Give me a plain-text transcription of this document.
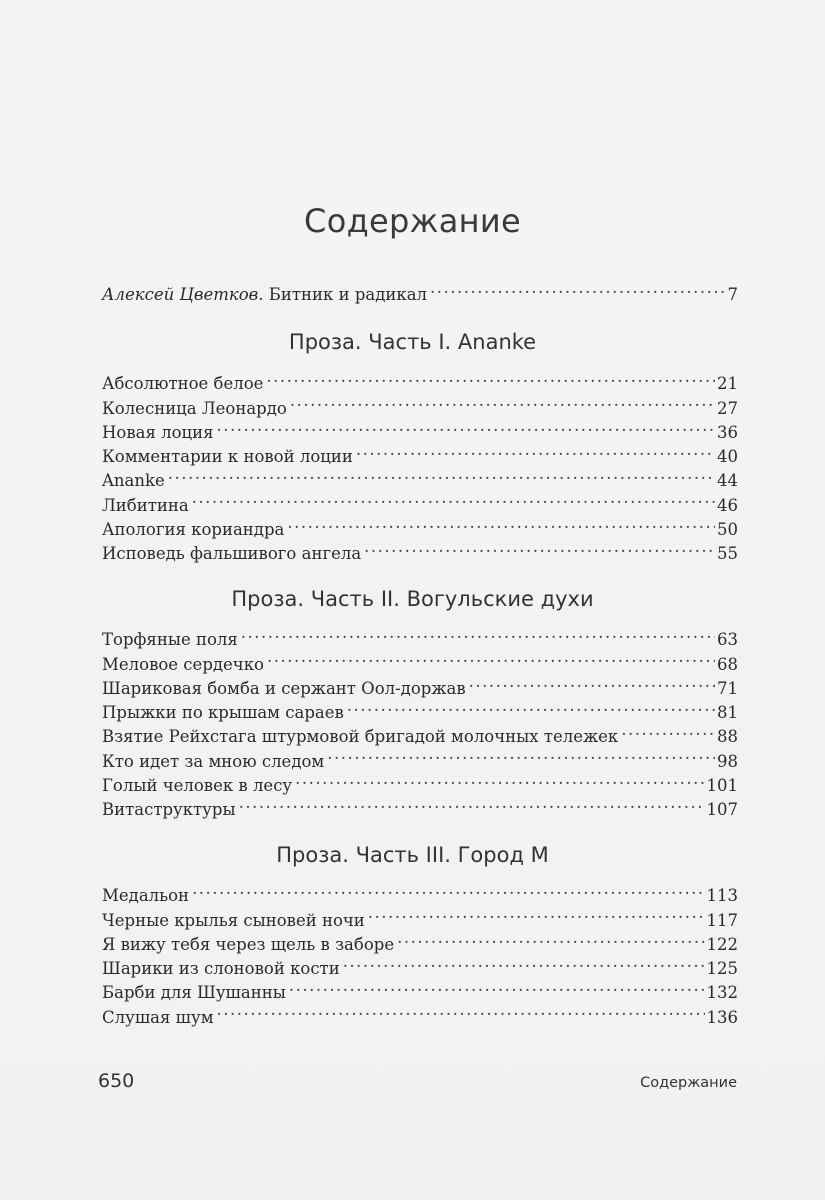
Содержание
Алексей Цветков. Битник и радикал .....	7
Проза. Часть I. Ananke
Абсолютное белое .....	21
Колесница Леонардо .....	27
Новая лоция .....	36
Комментарии к новой лоции .....	40
Ananke .....	44
Либитина .....	46
Апология кориандра .....	50
Исповедь фальшивого ангела .....	55
Проза. Часть II. Вогульские духи
Торфяные поля .....	63
Меловое сердечко .....	68
Шариковая бомба и сержант Оол-доржав .....	71
Прыжки по крышам сараев .....	81
Взятие Рейхстага штурмовой бригадой молочных тележек .....	88
Кто идет за мною следом .....	98
Голый человек в лесу .....	101
Витаструктуры .....	107
Проза. Часть III. Город М
Медальон .....	113
Черные крылья сыновей ночи .....	117
Я вижу тебя через щель в заборе .....	122
Шарики из слоновой кости .....	125
Барби для Шушанны .....	132
Слушая шум .....	136
650	Содержание
